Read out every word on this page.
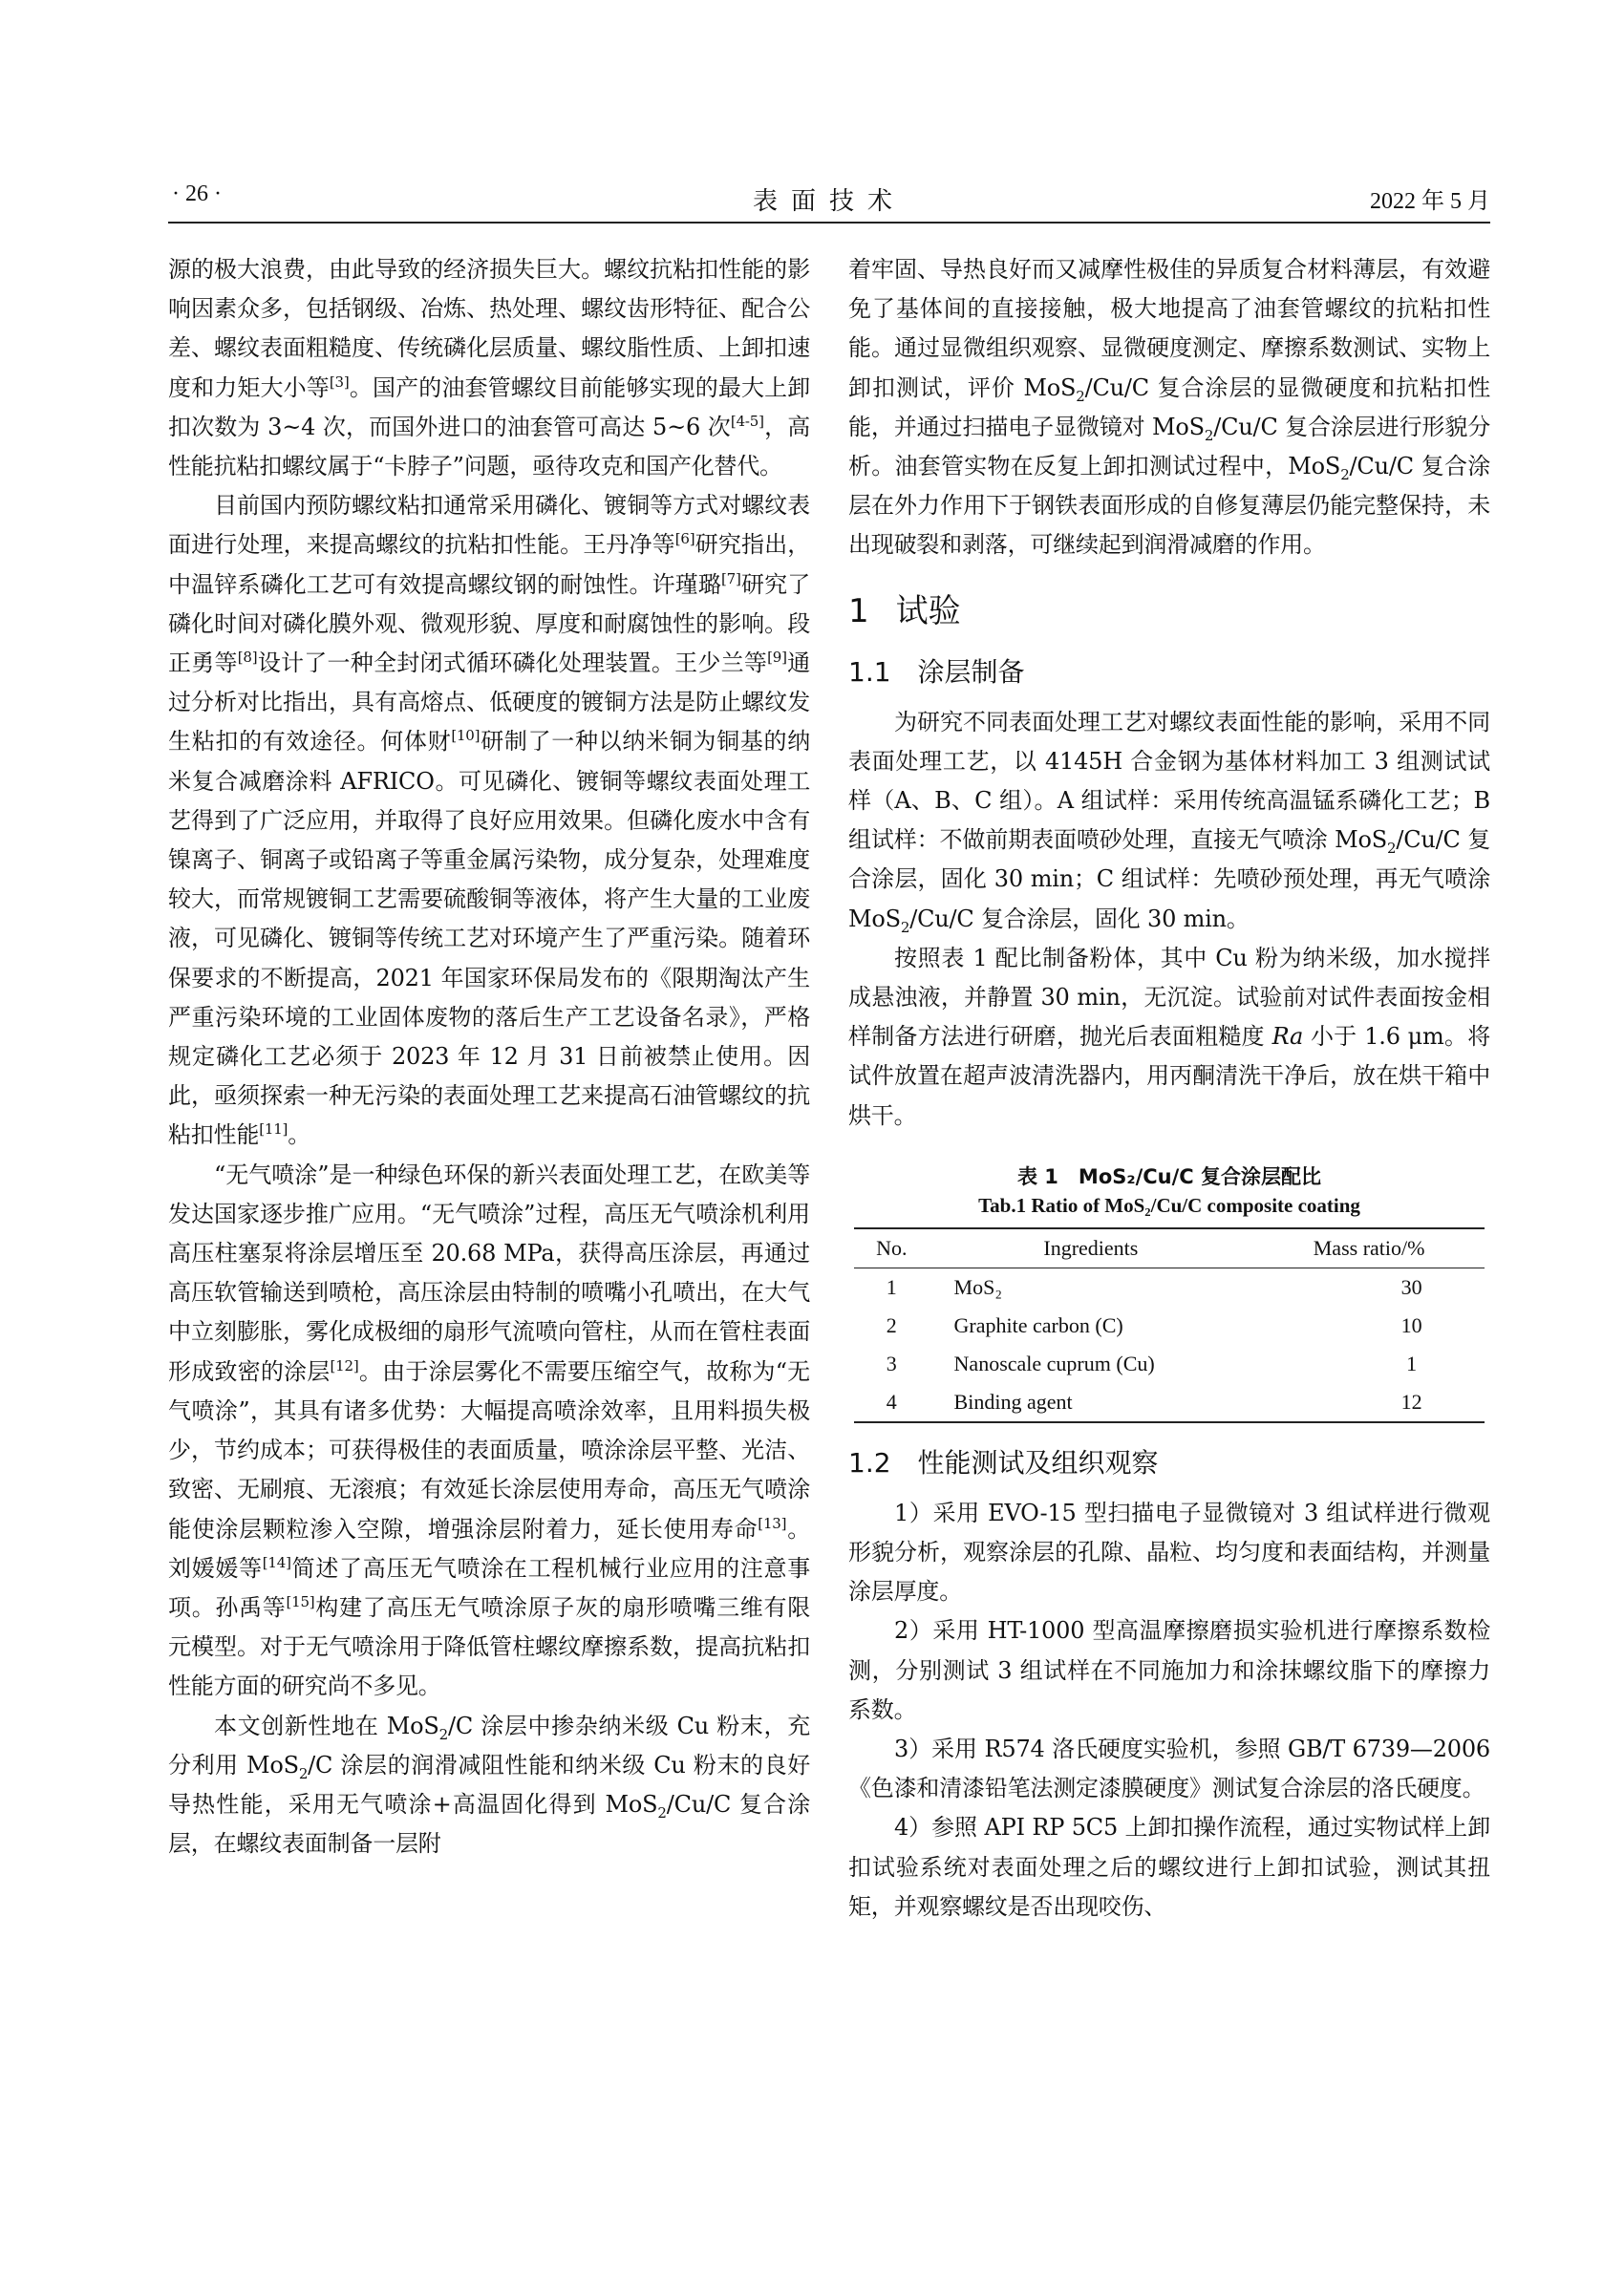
· 26 ·	表面技术	2022 年 5 月

源的极大浪费，由此导致的经济损失巨大。螺纹抗粘扣性能的影响因素众多，包括钢级、冶炼、热处理、螺纹齿形特征、配合公差、螺纹表面粗糙度、传统磷化层质量、螺纹脂性质、上卸扣速度和力矩大小等[3]。国产的油套管螺纹目前能够实现的最大上卸扣次数为 3~4 次，而国外进口的油套管可高达 5~6 次[4-5]，高性能抗粘扣螺纹属于“卡脖子”问题，亟待攻克和国产化替代。

目前国内预防螺纹粘扣通常采用磷化、镀铜等方式对螺纹表面进行处理，来提高螺纹的抗粘扣性能。王丹净等[6]研究指出，中温锌系磷化工艺可有效提高螺纹钢的耐蚀性。许瑾璐[7]研究了磷化时间对磷化膜外观、微观形貌、厚度和耐腐蚀性的影响。段正勇等[8]设计了一种全封闭式循环磷化处理装置。王少兰等[9]通过分析对比指出，具有高熔点、低硬度的镀铜方法是防止螺纹发生粘扣的有效途径。何体财[10]研制了一种以纳米铜为铜基的纳米复合减磨涂料 AFRICO。可见磷化、镀铜等螺纹表面处理工艺得到了广泛应用，并取得了良好应用效果。但磷化废水中含有镍离子、铜离子或铅离子等重金属污染物，成分复杂，处理难度较大，而常规镀铜工艺需要硫酸铜等液体，将产生大量的工业废液，可见磷化、镀铜等传统工艺对环境产生了严重污染。随着环保要求的不断提高，2021 年国家环保局发布的《限期淘汰产生严重污染环境的工业固体废物的落后生产工艺设备名录》，严格规定磷化工艺必须于 2023 年 12 月 31 日前被禁止使用。因此，亟须探索一种无污染的表面处理工艺来提高石油管螺纹的抗粘扣性能[11]。

“无气喷涂”是一种绿色环保的新兴表面处理工艺，在欧美等发达国家逐步推广应用。“无气喷涂”过程，高压无气喷涂机利用高压柱塞泵将涂层增压至 20.68 MPa，获得高压涂层，再通过高压软管输送到喷枪，高压涂层由特制的喷嘴小孔喷出，在大气中立刻膨胀，雾化成极细的扇形气流喷向管柱，从而在管柱表面形成致密的涂层[12]。由于涂层雾化不需要压缩空气，故称为“无气喷涂”，其具有诸多优势：大幅提高喷涂效率，且用料损失极少，节约成本；可获得极佳的表面质量，喷涂涂层平整、光洁、致密、无刷痕、无滚痕；有效延长涂层使用寿命，高压无气喷涂能使涂层颗粒渗入空隙，增强涂层附着力，延长使用寿命[13]。刘媛媛等[14]简述了高压无气喷涂在工程机械行业应用的注意事项。孙禹等[15]构建了高压无气喷涂原子灰的扇形喷嘴三维有限元模型。对于无气喷涂用于降低管柱螺纹摩擦系数，提高抗粘扣性能方面的研究尚不多见。

本文创新性地在 MoS$_2$/C 涂层中掺杂纳米级 Cu 粉末，充分利用 MoS$_2$/C 涂层的润滑减阻性能和纳米级 Cu 粉末的良好导热性能，采用无气喷涂+高温固化得到 MoS$_2$/Cu/C 复合涂层，在螺纹表面制备一层附

着牢固、导热良好而又减摩性极佳的异质复合材料薄层，有效避免了基体间的直接接触，极大地提高了油套管螺纹的抗粘扣性能。通过显微组织观察、显微硬度测定、摩擦系数测试、实物上卸扣测试，评价 MoS$_2$/Cu/C 复合涂层的显微硬度和抗粘扣性能，并通过扫描电子显微镜对 MoS$_2$/Cu/C 复合涂层进行形貌分析。油套管实物在反复上卸扣测试过程中，MoS$_2$/Cu/C 复合涂层在外力作用下于钢铁表面形成的自修复薄层仍能完整保持，未出现破裂和剥落，可继续起到润滑减磨的作用。

1 试验
1.1 涂层制备

为研究不同表面处理工艺对螺纹表面性能的影响，采用不同表面处理工艺，以 4145H 合金钢为基体材料加工 3 组测试试样（A、B、C 组）。A 组试样：采用传统高温锰系磷化工艺；B 组试样：不做前期表面喷砂处理，直接无气喷涂 MoS$_2$/Cu/C 复合涂层，固化 30 min；C 组试样：先喷砂预处理，再无气喷涂 MoS$_2$/Cu/C 复合涂层，固化 30 min。

按照表 1 配比制备粉体，其中 Cu 粉为纳米级，加水搅拌成悬浊液，并静置 30 min，无沉淀。试验前对试件表面按金相样制备方法进行研磨，抛光后表面粗糙度 Ra 小于 1.6 μm。将试件放置在超声波清洗器内，用丙酮清洗干净后，放在烘干箱中烘干。

表 1　MoS₂/Cu/C 复合涂层配比
Tab.1 Ratio of MoS₂/Cu/C composite coating
No.	Ingredients	Mass ratio/%
1	MoS₂	30
2	Graphite carbon (C)	10
3	Nanoscale cuprum (Cu)	1
4	Binding agent	12
1.2 性能测试及组织观察

1）采用 EVO-15 型扫描电子显微镜对 3 组试样进行微观形貌分析，观察涂层的孔隙、晶粒、均匀度和表面结构，并测量涂层厚度。

2）采用 HT-1000 型高温摩擦磨损实验机进行摩擦系数检测，分别测试 3 组试样在不同施加力和涂抹螺纹脂下的摩擦力系数。

3）采用 R574 洛氏硬度实验机，参照 GB/T 6739—2006《色漆和清漆铅笔法测定漆膜硬度》测试复合涂层的洛氏硬度。

4）参照 API RP 5C5 上卸扣操作流程，通过实物试样上卸扣试验系统对表面处理之后的螺纹进行上卸扣试验，测试其扭矩，并观察螺纹是否出现咬伤、
